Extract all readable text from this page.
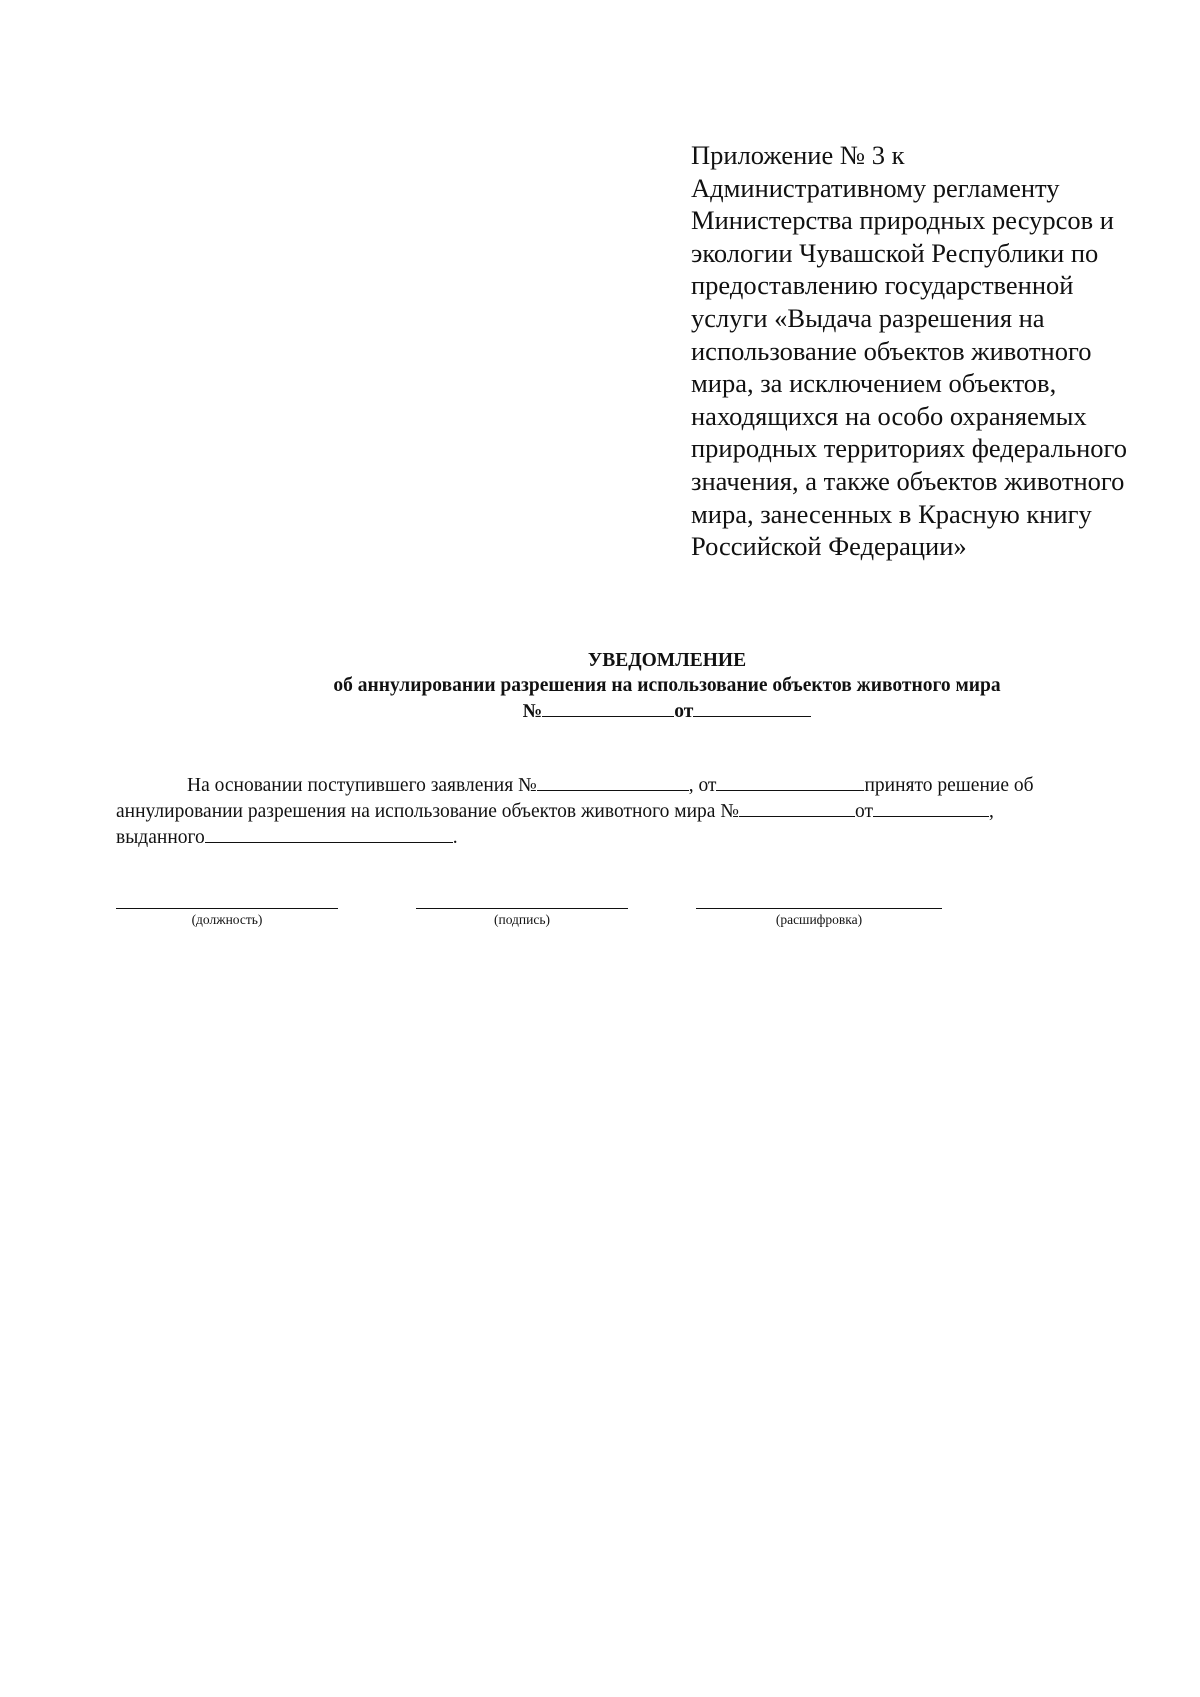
Приложение № 3 к
Административному регламенту
Министерства природных ресурсов и
экологии Чувашской Республики по
предоставлению государственной
услуги «Выдача разрешения на
использование объектов животного
мира, за исключением объектов,
находящихся на особо охраняемых
природных территориях федерального
значения, а также объектов животного
мира, занесенных в Красную книгу
Российской Федерации»
УВЕДОМЛЕНИЕ
об аннулировании разрешения на использование объектов животного мира
№	от
На основании поступившего заявления №	, от	принято решение об
аннулировании разрешения на использование объектов животного мира №	от	,
выданного	.
(должность)	(подпись)	(расшифровка)
